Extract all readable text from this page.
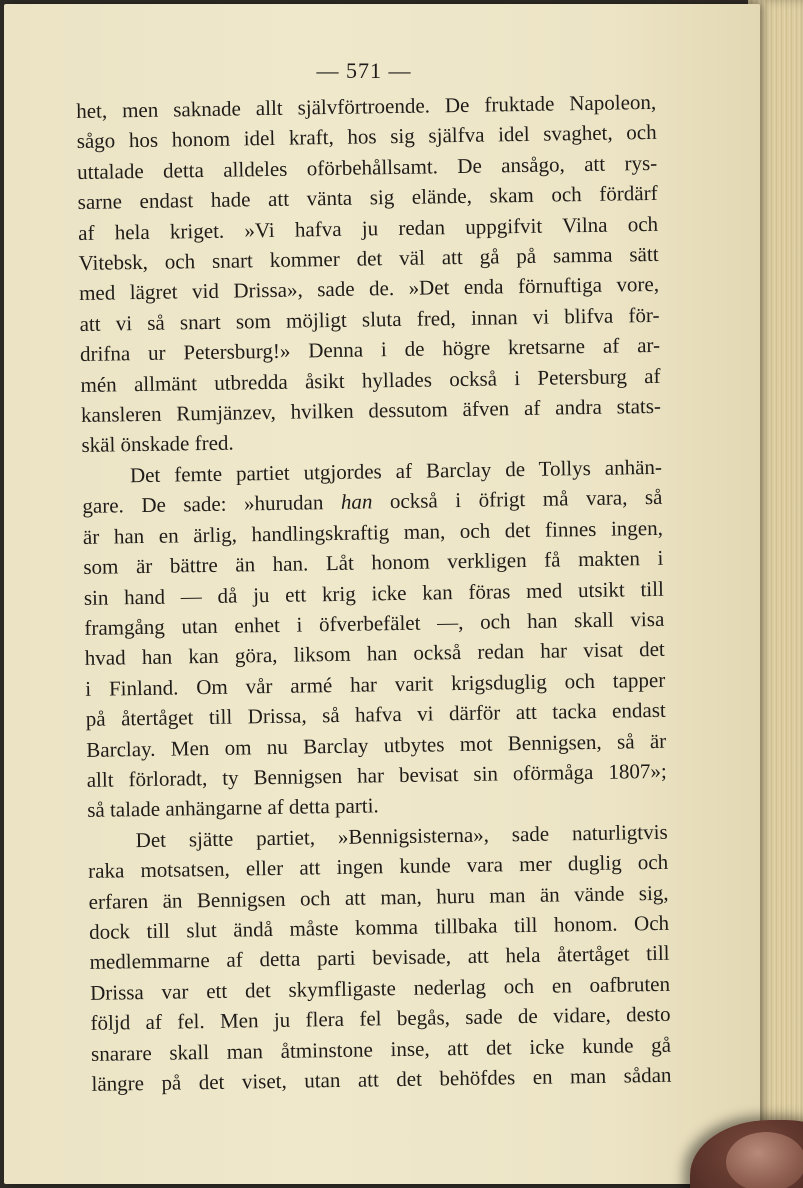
— 571 —
het, men saknade allt självförtroende. De fruktade Napoleon,
sågo hos honom idel kraft, hos sig själfva idel svaghet, och
uttalade detta alldeles oförbehållsamt. De ansågo, att rys-
sarne endast hade att vänta sig elände, skam och fördärf
af hela kriget. »Vi hafva ju redan uppgifvit Vilna och
Vitebsk, och snart kommer det väl att gå på samma sätt
med lägret vid Drissa», sade de. »Det enda förnuftiga vore,
att vi så snart som möjligt sluta fred, innan vi blifva för-
drifna ur Petersburg!» Denna i de högre kretsarne af ar-
mén allmänt utbredda åsikt hyllades också i Petersburg af
kansleren Rumjänzev, hvilken dessutom äfven af andra stats-
skäl önskade fred.
Det femte partiet utgjordes af Barclay de Tollys anhän-
gare. De sade: »hurudan han också i öfrigt må vara, så
är han en ärlig, handlingskraftig man, och det finnes ingen,
som är bättre än han. Låt honom verkligen få makten i
sin hand — då ju ett krig icke kan föras med utsikt till
framgång utan enhet i öfverbefälet —, och han skall visa
hvad han kan göra, liksom han också redan har visat det
i Finland. Om vår armé har varit krigsduglig och tapper
på återtåget till Drissa, så hafva vi därför att tacka endast
Barclay. Men om nu Barclay utbytes mot Bennigsen, så är
allt förloradt, ty Bennigsen har bevisat sin oförmåga 1807»;
så talade anhängarne af detta parti.
Det sjätte partiet, »Bennigsisterna», sade naturligtvis
raka motsatsen, eller att ingen kunde vara mer duglig och
erfaren än Bennigsen och att man, huru man än vände sig,
dock till slut ändå måste komma tillbaka till honom. Och
medlemmarne af detta parti bevisade, att hela återtåget till
Drissa var ett det skymfligaste nederlag och en oafbruten
följd af fel. Men ju flera fel begås, sade de vidare, desto
snarare skall man åtminstone inse, att det icke kunde gå
längre på det viset, utan att det behöfdes en man sådan
